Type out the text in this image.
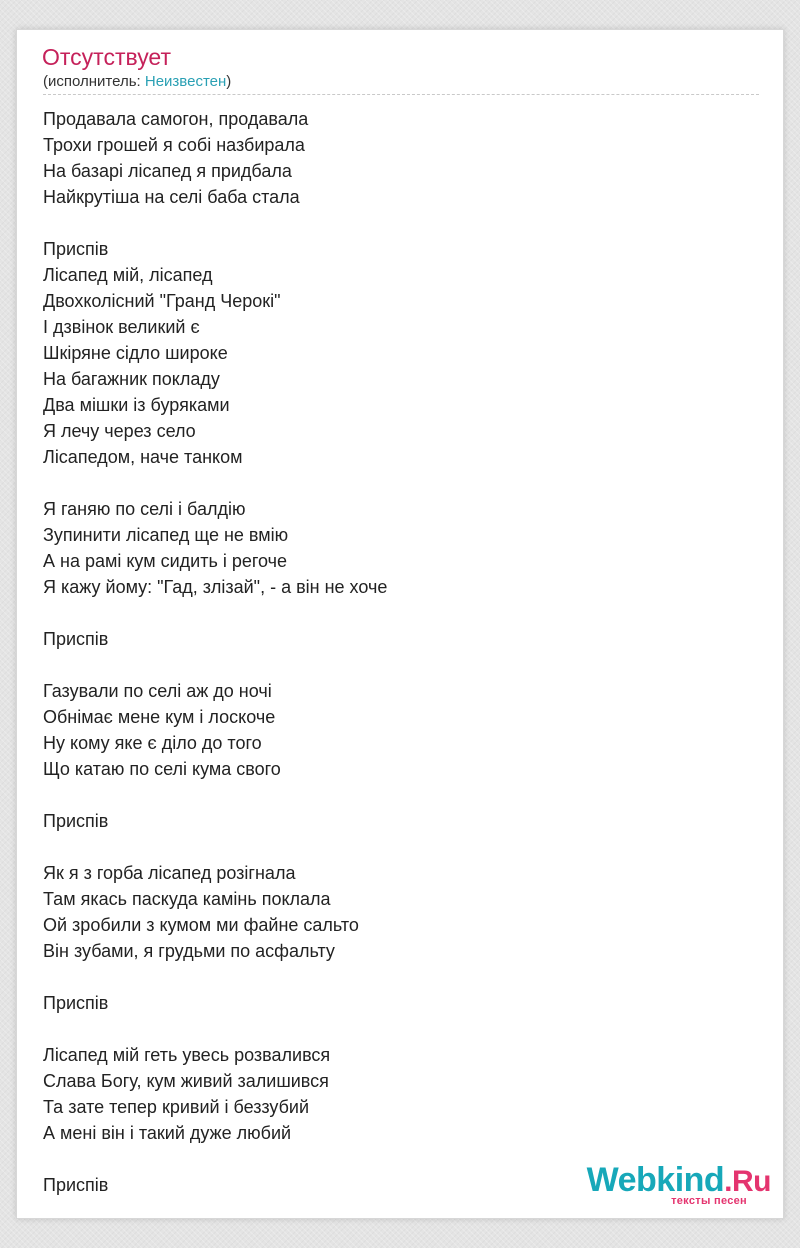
Отсутствует
(исполнитель: Неизвестен)
Продавала самогон, продавала
Трохи грошей я собі назбирала
На базарі лісапед я придбала
Найкрутіша на селі баба стала
Приспів
Лісапед мій, лісапед
Двохколісний "Гранд Черокі"
І дзвінок великий є
Шкіряне сідло широке
На багажник покладу
Два мішки із буряками
Я лечу через село
Лісапедом, наче танком
Я ганяю по селі і балдію
Зупинити лісапед ще не вмію
А на рамі кум сидить і регоче
Я кажу йому: "Гад, злізай", - а він не хоче
Приспів
Газували по селі аж до ночі
Обнімає мене кум і лоскоче
Ну кому яке є діло до того
Що катаю по селі кума свого
Приспів
Як я з горба лісапед розігнала
Там якась паскуда камінь поклала
Ой зробили з кумом ми файне сальто
Він зубами, я грудьми по асфальту
Приспів
Лісапед мій геть увесь розвалився
Слава Богу, кум живий залишився
Та зате тепер кривий і беззубий
А мені він і такий дуже любий
Приспів	Webkind.Ru
тексты песен
